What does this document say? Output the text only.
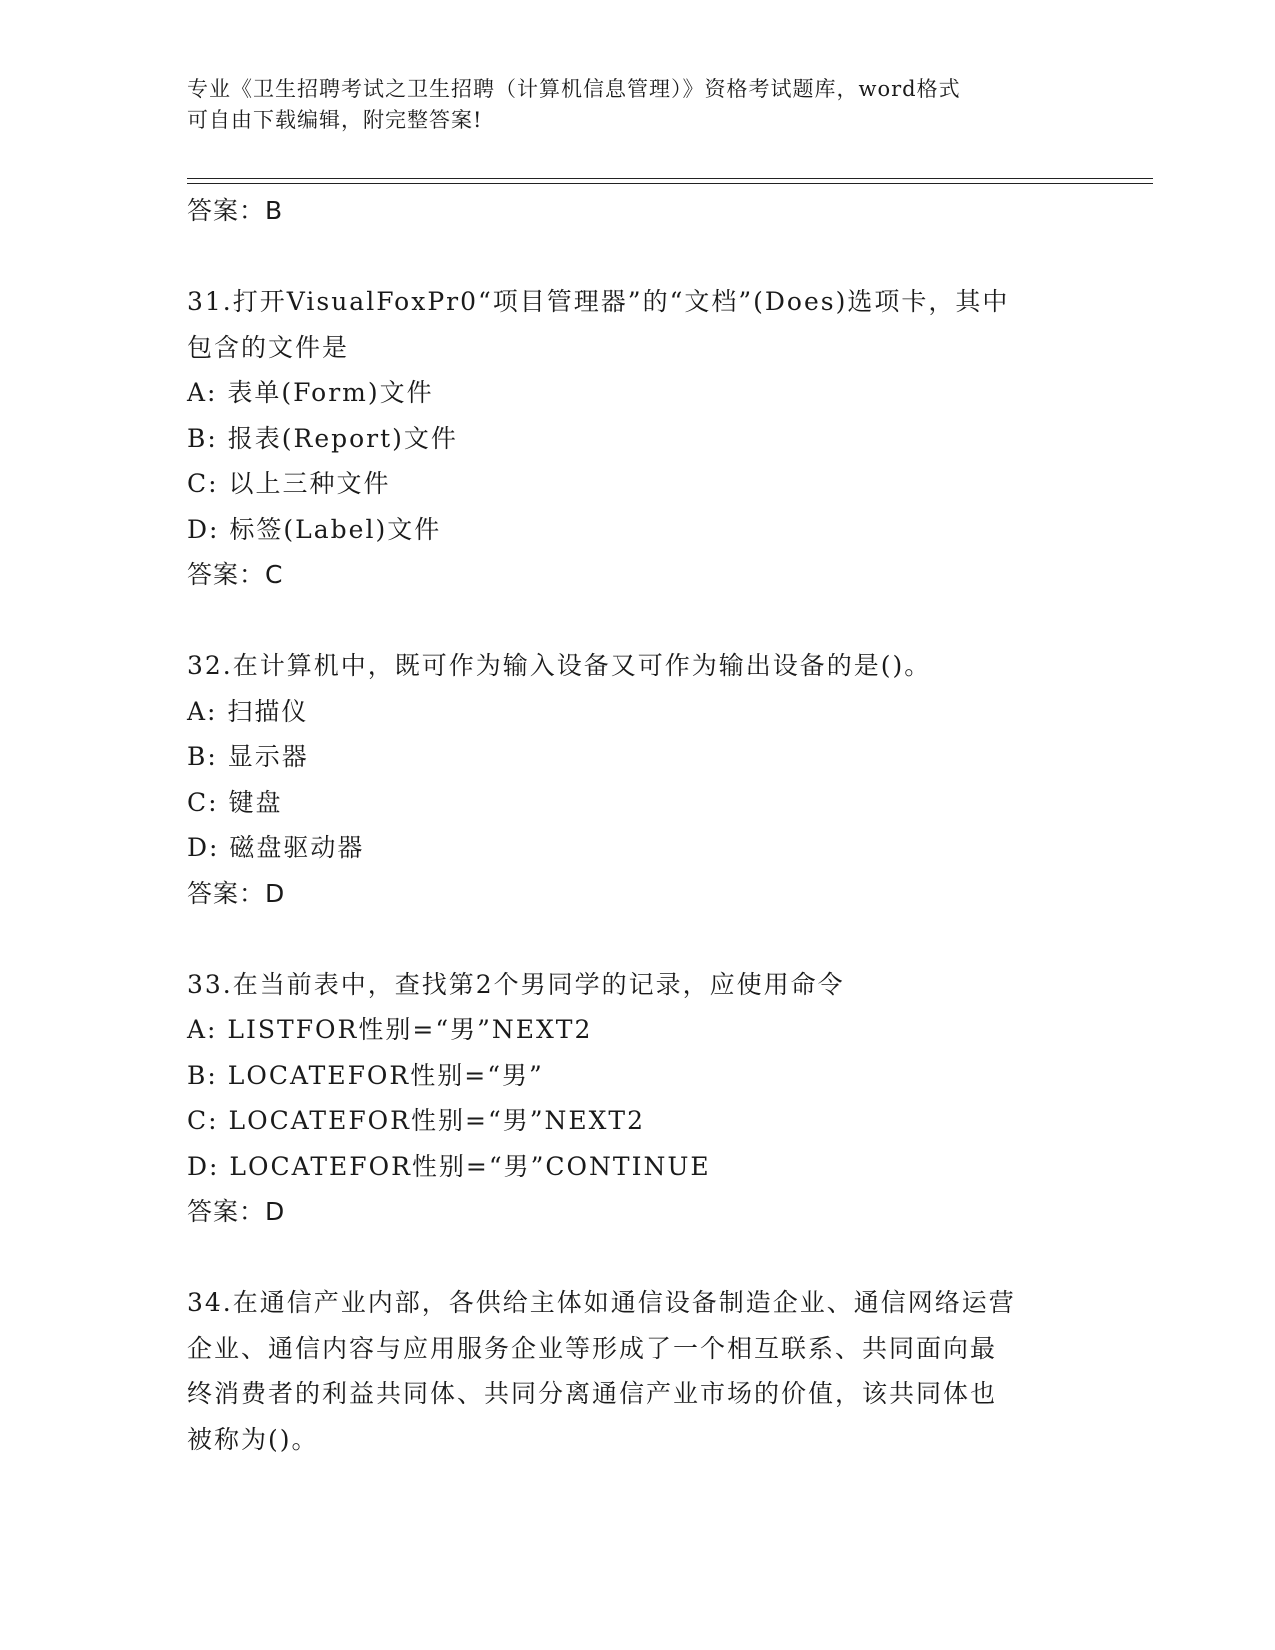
专业《卫生招聘考试之卫生招聘（计算机信息管理）》资格考试题库，word格式
可自由下载编辑，附完整答案!
答案：B
31.打开VisualFoxPr0“项目管理器”的“文档”(Does)选项卡，其中
包含的文件是
A: 表单(Form)文件
B: 报表(Report)文件
C: 以上三种文件
D: 标签(Label)文件
答案：C
32.在计算机中，既可作为输入设备又可作为输出设备的是()。
A: 扫描仪
B: 显示器
C: 键盘
D: 磁盘驱动器
答案：D
33.在当前表中，查找第2个男同学的记录，应使用命令
A: LISTFOR性别=“男”NEXT2
B: LOCATEFOR性别=“男”
C: LOCATEFOR性别=“男”NEXT2
D: LOCATEFOR性别=“男”CONTINUE
答案：D
34.在通信产业内部，各供给主体如通信设备制造企业、通信网络运营
企业、通信内容与应用服务企业等形成了一个相互联系、共同面向最
终消费者的利益共同体、共同分离通信产业市场的价值，该共同体也
被称为()。
